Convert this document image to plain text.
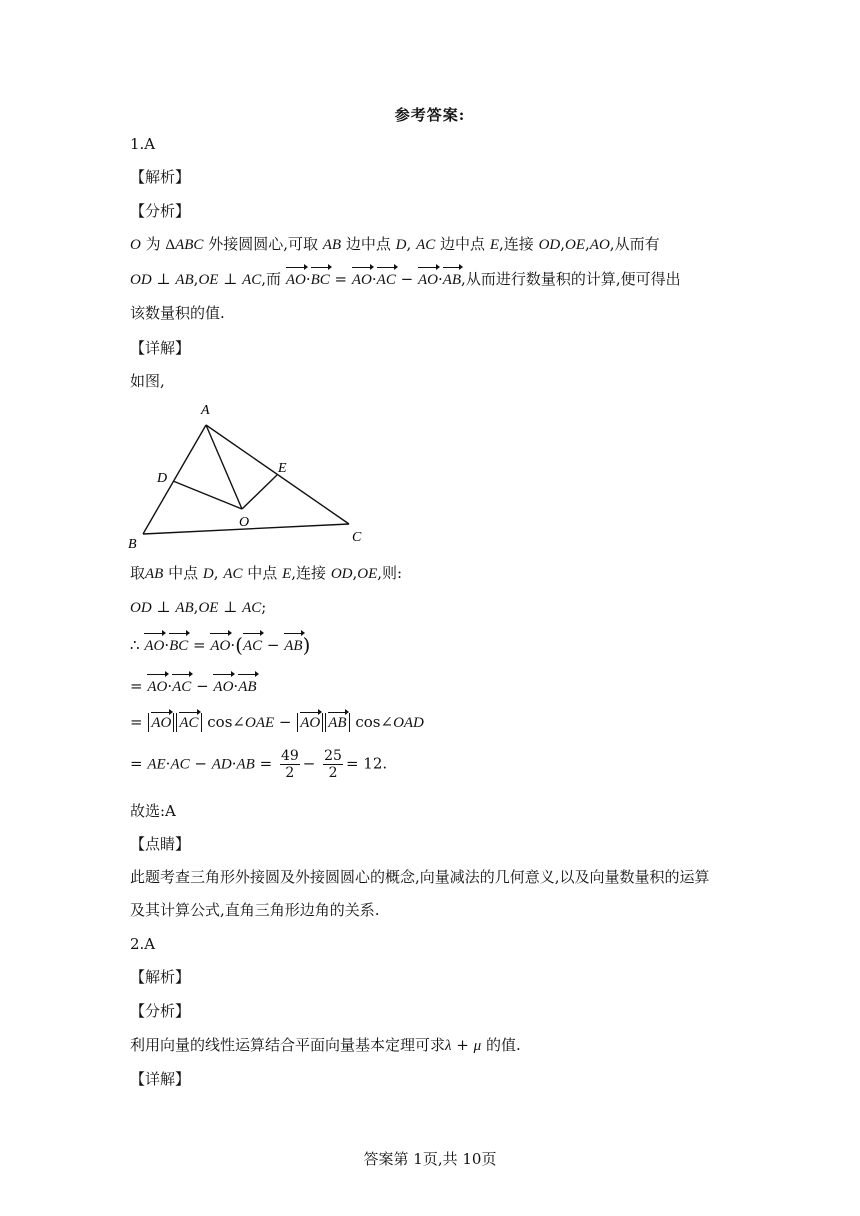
参考答案:
1.A
【解析】
【分析】
O 为 ΔABC 外接圆圆心,可取 AB 边中点 D, AC 边中点 E,连接 OD,OE,AO,从而有
OD ⊥ AB,OE ⊥ AC,而 AO·BC = AO·AC − AO·AB,从而进行数量积的计算,便可得出
该数量积的值.
【详解】
如图,
A
B	C
D
E
O
取AB 中点 D, AC 中点 E,连接 OD,OE,则:
OD ⊥ AB,OE ⊥ AC;
∴ AO·BC = AO·(AC − AB)
= AO·AC − AO·AB
= AO AC cos∠OAE − AO AB cos∠OAD
= $AE\cdot AC - AD\cdot AB = \frac{49}{2} - \frac{25}{2} = 12$.
故选:A
【点睛】
此题考查三角形外接圆及外接圆圆心的概念,向量减法的几何意义,以及向量数量积的运算
及其计算公式,直角三角形边角的关系.
2.A
【解析】
【分析】
利用向量的线性运算结合平面向量基本定理可求λ + μ 的值.
【详解】
答案第 1页,共 10页
